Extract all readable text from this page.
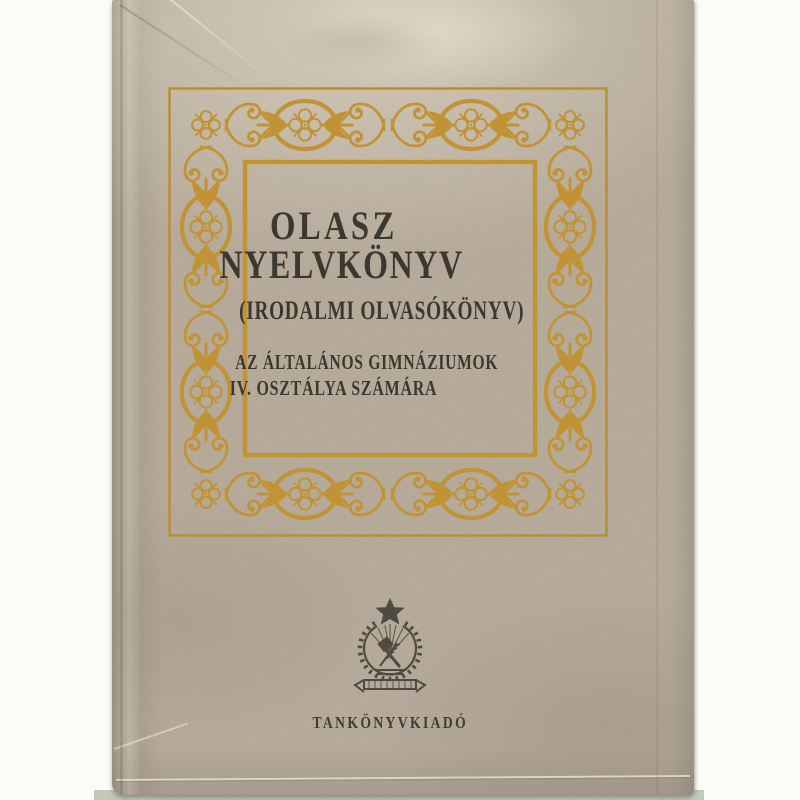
OLASZ
NYELVKÖNYV
(IRODALMI OLVASÓKÖNYV)
AZ ÁLTALÁNOS GIMNÁZIUMOK
IV. OSZTÁLYA SZÁMÁRA
TANKÖNYVKIADÓ
